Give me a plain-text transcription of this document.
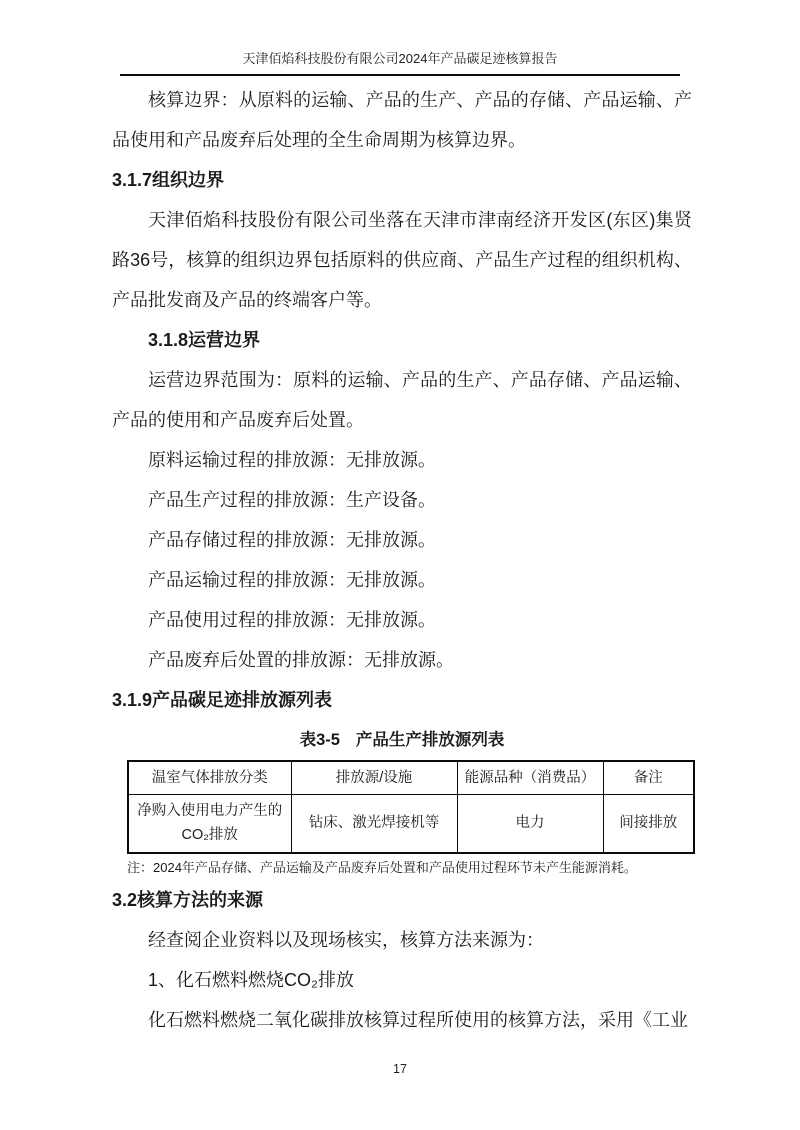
天津佰焰科技股份有限公司2024年产品碳足迹核算报告

核算边界：从原料的运输、产品的生产、产品的存储、产品运输、产品使用和产品废弃后处理的全生命周期为核算边界。

3.1.7组织边界

天津佰焰科技股份有限公司坐落在天津市津南经济开发区(东区)集贤路36号，核算的组织边界包括原料的供应商、产品生产过程的组织机构、产品批发商及产品的终端客户等。

3.1.8运营边界

运营边界范围为：原料的运输、产品的生产、产品存储、产品运输、产品的使用和产品废弃后处置。

原料运输过程的排放源：无排放源。

产品生产过程的排放源：生产设备。

产品存储过程的排放源：无排放源。

产品运输过程的排放源：无排放源。

产品使用过程的排放源：无排放源。

产品废弃后处置的排放源：无排放源。

3.1.9产品碳足迹排放源列表
表3-5 产品生产排放源列表
温室气体排放分类	排放源/设施	能源品种（消费品）	备注
净购入使用电力产生的CO₂排放	钻床、激光焊接机等	电力	间接排放
注：2024年产品存储、产品运输及产品废弃后处置和产品使用过程环节未产生能源消耗。
3.2核算方法的来源

经查阅企业资料以及现场核实，核算方法来源为：

1、化石燃料燃烧CO₂排放

化石燃料燃烧二氧化碳排放核算过程所使用的核算方法，采用《工业

17
